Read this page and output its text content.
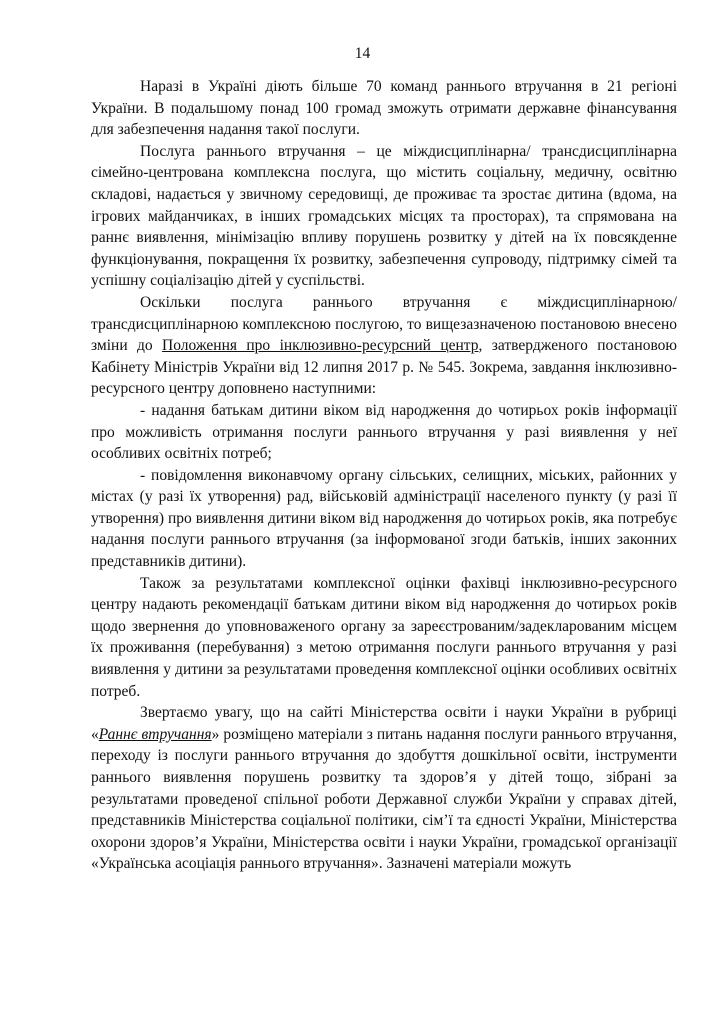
14

Наразі в Україні діють більше 70 команд раннього втручання в 21 регіоні України. В подальшому понад 100 громад зможуть отримати державне фінансування для забезпечення надання такої послуги.

Послуга раннього втручання – це міждисциплінарна/ трансдисциплінарна сімейно-центрована комплексна послуга, що містить соціальну, медичну, освітню складові, надається у звичному середовищі, де проживає та зростає дитина (вдома, на ігрових майданчиках, в інших громадських місцях та просторах), та спрямована на раннє виявлення, мінімізацію впливу порушень розвитку у дітей на їх повсякденне функціонування, покращення їх розвитку, забезпечення супроводу, підтримку сімей та успішну соціалізацію дітей у суспільстві.

Оскільки послуга раннього втручання є міждисциплінарною/ трансдисциплінарною комплексною послугою, то вищезазначеною постановою внесено зміни до Положення про інклюзивно-ресурсний центр, затвердженого постановою Кабінету Міністрів України від 12 липня 2017 р. № 545. Зокрема, завдання інклюзивно-ресурсного центру доповнено наступними:

- надання батькам дитини віком від народження до чотирьох років інформації про можливість отримання послуги раннього втручання у разі виявлення у неї особливих освітніх потреб;

- повідомлення виконавчому органу сільських, селищних, міських, районних у містах (у разі їх утворення) рад, військовій адміністрації населеного пункту (у разі її утворення) про виявлення дитини віком від народження до чотирьох років, яка потребує надання послуги раннього втручання (за інформованої згоди батьків, інших законних представників дитини).

Також за результатами комплексної оцінки фахівці інклюзивно-ресурсного центру надають рекомендації батькам дитини віком від народження до чотирьох років щодо звернення до уповноваженого органу за зареєстрованим/задекларованим місцем їх проживання (перебування) з метою отримання послуги раннього втручання у разі виявлення у дитини за результатами проведення комплексної оцінки особливих освітніх потреб.

Звертаємо увагу, що на сайті Міністерства освіти і науки України в рубриці «Раннє втручання» розміщено матеріали з питань надання послуги раннього втручання, переходу із послуги раннього втручання до здобуття дошкільної освіти, інструменти раннього виявлення порушень розвитку та здоров’я у дітей тощо, зібрані за результатами проведеної спільної роботи Державної служби України у справах дітей, представників Міністерства соціальної політики, сім’ї та єдності України, Міністерства охорони здоров’я України, Міністерства освіти і науки України, громадської організації «Українська асоціація раннього втручання». Зазначені матеріали можуть
